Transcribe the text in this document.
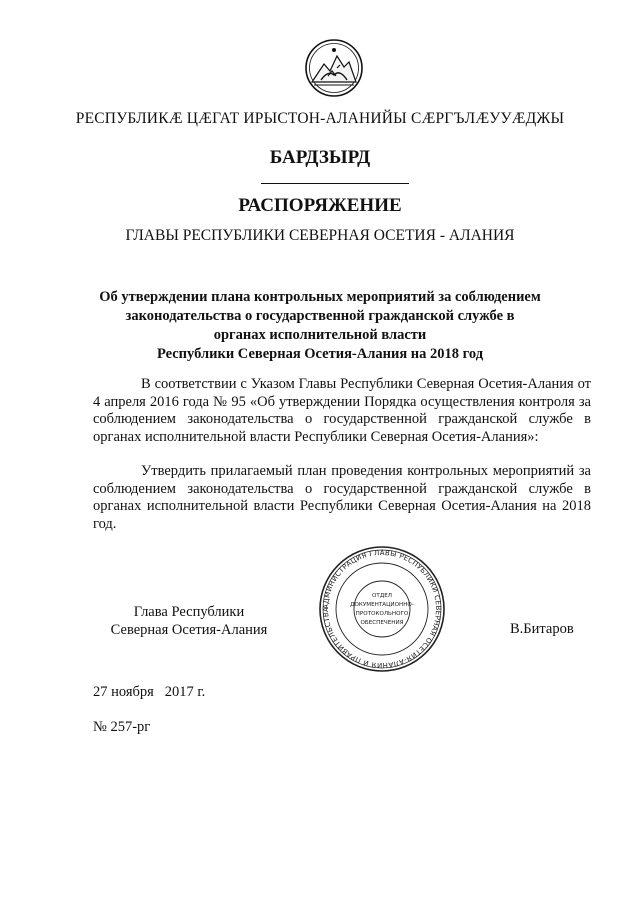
РЕСПУБЛИКӔ ЦӔГАТ ИРЫСТОН-АЛАНИЙЫ СӔРГЪЛӔУУӔДЖЫ
БАРДЗЫРД
РАСПОРЯЖЕНИЕ
ГЛАВЫ РЕСПУБЛИКИ СЕВЕРНАЯ ОСЕТИЯ - АЛАНИЯ
Об утверждении плана контрольных мероприятий за соблюдением
законодательства о государственной гражданской службе в
органах исполнительной власти
Республики Северная Осетия-Алания на 2018 год
В соответствии с Указом Главы Республики Северная Осетия-Алания от 4 апреля 2016 года № 95 «Об утверждении Порядка осуществления контроля за соблюдением законодательства о государственной гражданской службе в органах исполнительной власти Республики Северная Осетия-Алания»:
Утвердить прилагаемый план проведения контрольных мероприятий за соблюдением законодательства о государственной гражданской службе в органах исполнительной власти Республики Северная Осетия-Алания на 2018 год.
АДМИНИСТРАЦИЯ ГЛАВЫ РЕСПУБЛИКИ СЕВЕРНАЯ ОСЕТИЯ-АЛАНИЯ И ПРАВИТЕЛЬСТВА
ОТДЕЛ
ДОКУМЕНТАЦИОННО-
ПРОТОКОЛЬНОГО
ОБЕСПЕЧЕНИЯ
Глава Республики
Северная Осетия-Алания	В.Битаров
27 ноября   2017 г.
№ 257-рг
